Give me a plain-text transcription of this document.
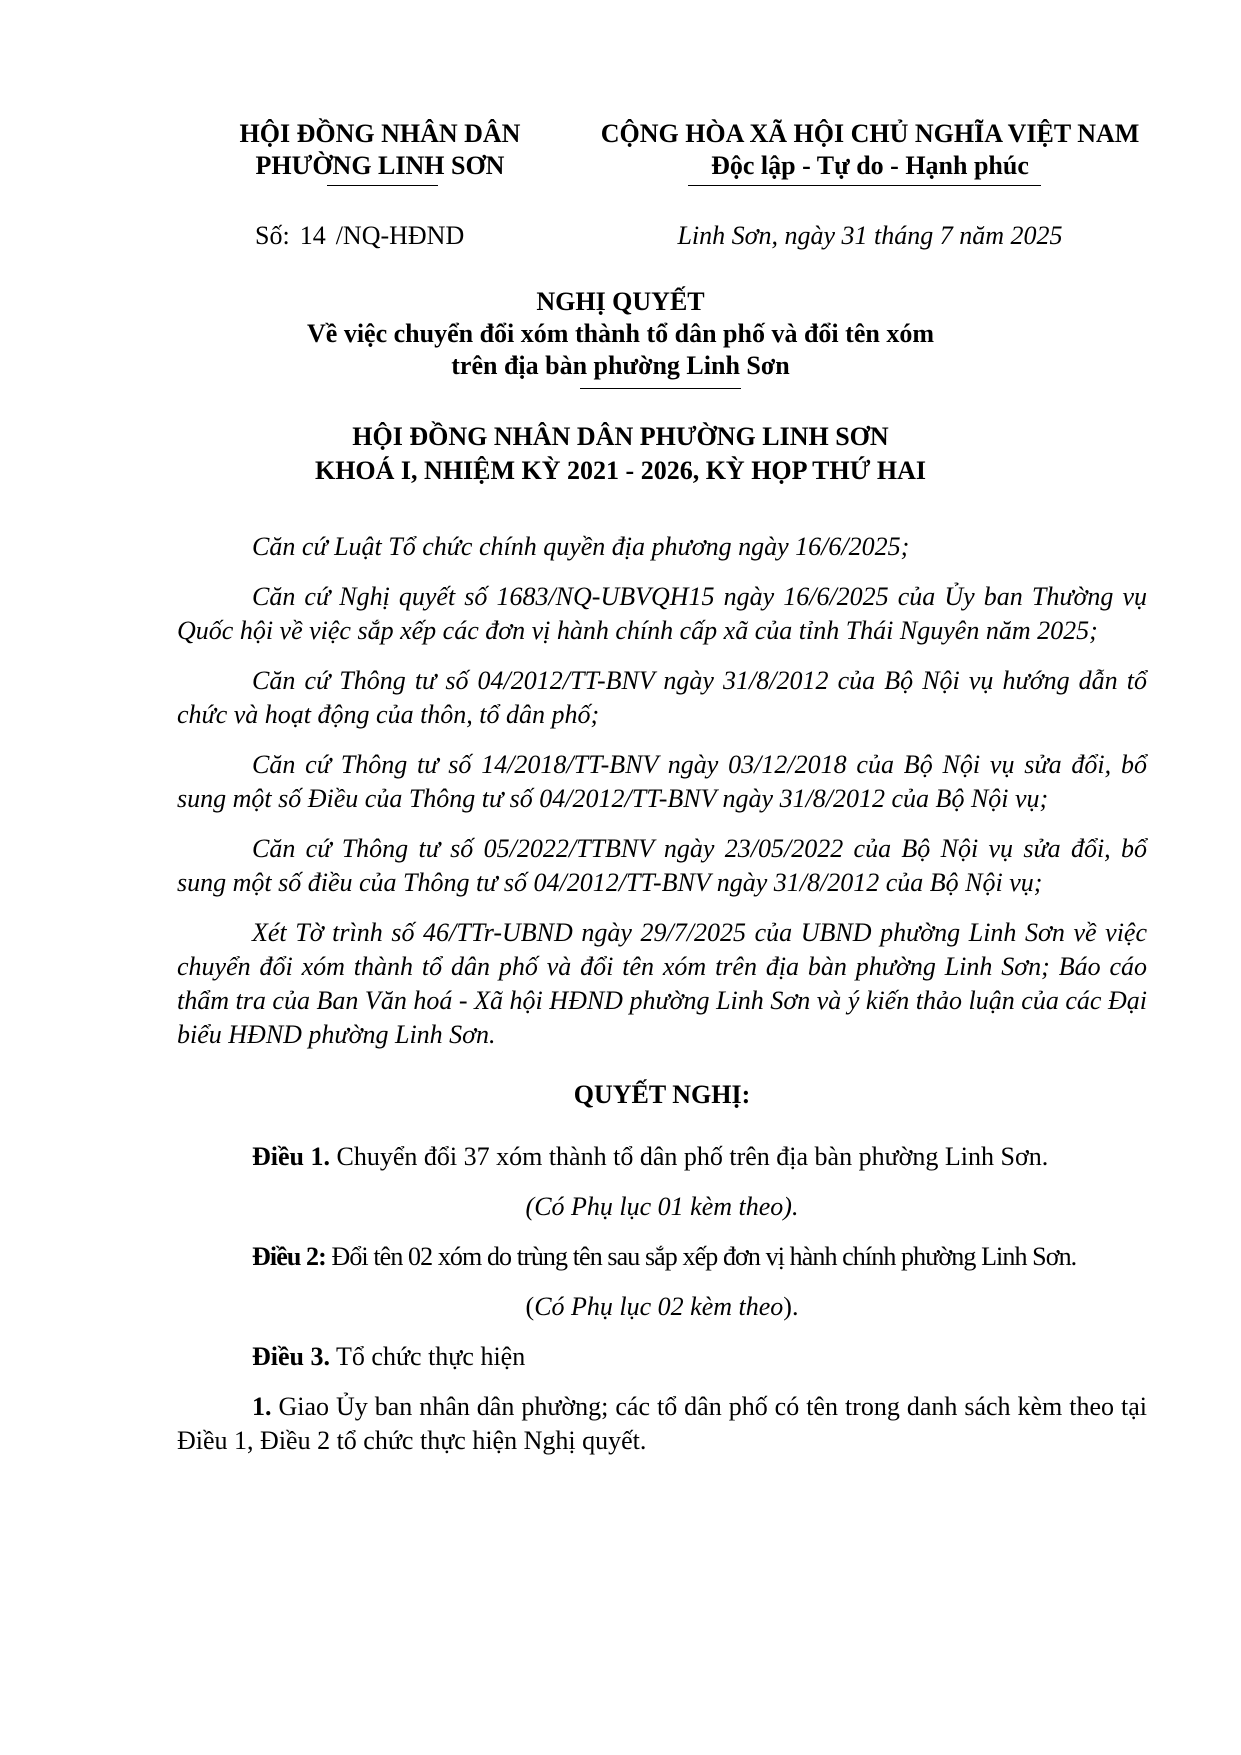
HỘI ĐỒNG NHÂN DÂN
PHƯỜNG LINH SƠN
CỘNG HÒA XÃ HỘI CHỦ NGHĨA VIỆT NAM
Độc lập - Tự do - Hạnh phúc
Số: 14 /NQ-HĐND	Linh Sơn, ngày 31 tháng 7 năm 2025
NGHỊ QUYẾT
Về việc chuyển đổi xóm thành tổ dân phố và đổi tên xóm
trên địa bàn phường Linh Sơn
HỘI ĐỒNG NHÂN DÂN PHƯỜNG LINH SƠN
KHOÁ I, NHIỆM KỲ 2021 - 2026, KỲ HỌP THỨ HAI

Căn cứ Luật Tổ chức chính quyền địa phương ngày 16/6/2025;

Căn cứ Nghị quyết số 1683/NQ-UBVQH15 ngày 16/6/2025 của Ủy ban Thường vụ Quốc hội về việc sắp xếp các đơn vị hành chính cấp xã của tỉnh Thái Nguyên năm 2025;

Căn cứ Thông tư số 04/2012/TT-BNV ngày 31/8/2012 của Bộ Nội vụ hướng dẫn tổ chức và hoạt động của thôn, tổ dân phố;

Căn cứ Thông tư số 14/2018/TT-BNV ngày 03/12/2018 của Bộ Nội vụ sửa đổi, bổ sung một số Điều của Thông tư số 04/2012/TT-BNV ngày 31/8/2012 của Bộ Nội vụ;

Căn cứ Thông tư số 05/2022/TTBNV ngày 23/05/2022 của Bộ Nội vụ sửa đổi, bổ sung một số điều của Thông tư số 04/2012/TT-BNV ngày 31/8/2012 của Bộ Nội vụ;

Xét Tờ trình số 46/TTr-UBND ngày 29/7/2025 của UBND phường Linh Sơn về việc chuyển đổi xóm thành tổ dân phố và đổi tên xóm trên địa bàn phường Linh Sơn; Báo cáo thẩm tra của Ban Văn hoá - Xã hội HĐND phường Linh Sơn và ý kiến thảo luận của các Đại biểu HĐND phường Linh Sơn.

QUYẾT NGHỊ:

Điều 1. Chuyển đổi 37 xóm thành tổ dân phố trên địa bàn phường Linh Sơn.

(Có Phụ lục 01 kèm theo).

Điều 2: Đổi tên 02 xóm do trùng tên sau sắp xếp đơn vị hành chính phường Linh Sơn.

(Có Phụ lục 02 kèm theo).

Điều 3. Tổ chức thực hiện

1. Giao Ủy ban nhân dân phường; các tổ dân phố có tên trong danh sách kèm theo tại Điều 1, Điều 2 tổ chức thực hiện Nghị quyết.
